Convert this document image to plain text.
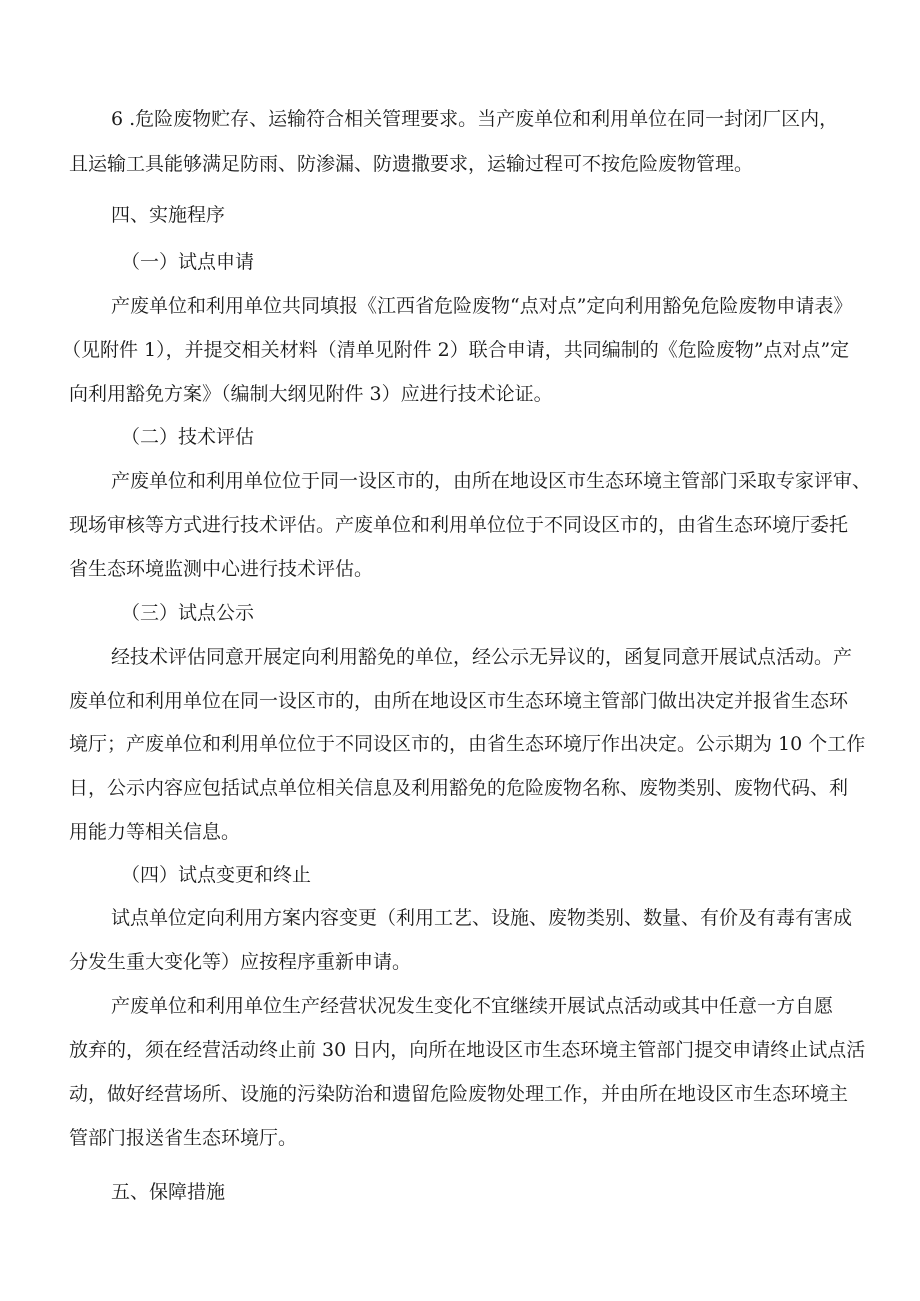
6 .危险废物贮存、运输符合相关管理要求。当产废单位和利用单位在同一封闭厂区内，
且运输工具能够满足防雨、防渗漏、防遗撒要求，运输过程可不按危险废物管理。
四、实施程序
（一）试点申请
产废单位和利用单位共同填报《江西省危险废物“点对点”定向利用豁免危险废物申请表》
（见附件 1），并提交相关材料（清单见附件 2）联合申请，共同编制的《危险废物”点对点”定
向利用豁免方案》（编制大纲见附件 3）应进行技术论证。
（二）技术评估
产废单位和利用单位位于同一设区市的，由所在地设区市生态环境主管部门采取专家评审、
现场审核等方式进行技术评估。产废单位和利用单位位于不同设区市的，由省生态环境厅委托
省生态环境监测中心进行技术评估。
（三）试点公示
经技术评估同意开展定向利用豁免的单位，经公示无异议的，函复同意开展试点活动。产
废单位和利用单位在同一设区市的，由所在地设区市生态环境主管部门做出决定并报省生态环
境厅；产废单位和利用单位位于不同设区市的，由省生态环境厅作出决定。公示期为 10 个工作
日，公示内容应包括试点单位相关信息及利用豁免的危险废物名称、废物类别、废物代码、利
用能力等相关信息。
（四）试点变更和终止
试点单位定向利用方案内容变更（利用工艺、设施、废物类别、数量、有价及有毒有害成
分发生重大变化等）应按程序重新申请。
产废单位和利用单位生产经营状况发生变化不宜继续开展试点活动或其中任意一方自愿
放弃的，须在经营活动终止前 30 日内，向所在地设区市生态环境主管部门提交申请终止试点活
动，做好经营场所、设施的污染防治和遗留危险废物处理工作，并由所在地设区市生态环境主
管部门报送省生态环境厅。
五、保障措施
